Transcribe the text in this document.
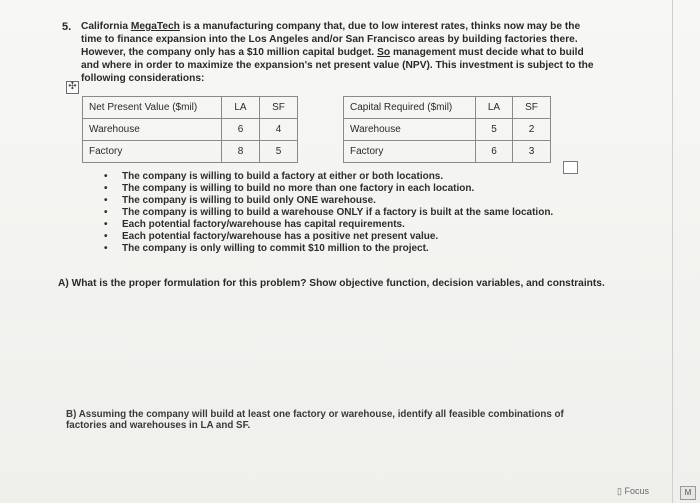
5. California MegaTech is a manufacturing company that, due to low interest rates, thinks now may be the
time to finance expansion into the Los Angeles and/or San Francisco areas by building factories there.
However, the company only has a $10 million capital budget. So management must decide what to build
and where in order to maximize the expansion's net present value (NPV). This investment is subject to the
following considerations:
✣
Net Present Value ($mil)	LA	SF
Warehouse	6	4
Factory	8	5
Capital Required ($mil)	LA	SF
Warehouse	5	2
Factory	6	3
• The company is willing to build a factory at either or both locations.
• The company is willing to build no more than one factory in each location.
• The company is willing to build only ONE warehouse.
• The company is willing to build a warehouse ONLY if a factory is built at the same location.
• Each potential factory/warehouse has capital requirements.
• Each potential factory/warehouse has a positive net present value.
• The company is only willing to commit $10 million to the project.
A) What is the proper formulation for this problem? Show objective function, decision variables, and constraints.
B) Assuming the company will build at least one factory or warehouse, identify all feasible combinations of
factories and warehouses in LA and SF.
▯ Focus	M
